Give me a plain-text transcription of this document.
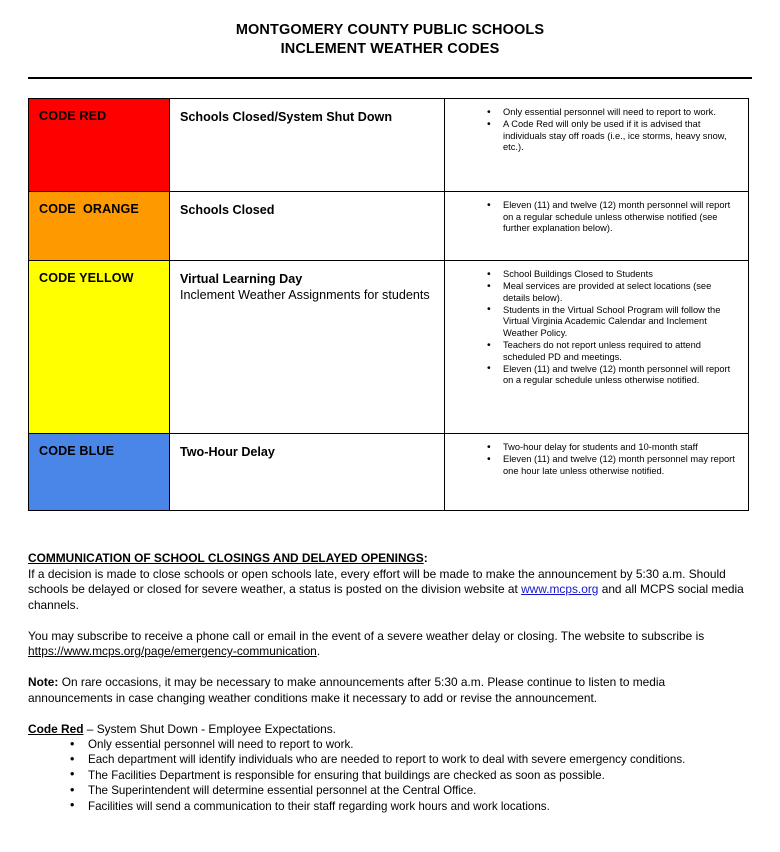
MONTGOMERY COUNTY PUBLIC SCHOOLS
INCLEMENT WEATHER CODES
CODE RED	Schools Closed/System Shut Down

•Only essential personnel will need to report to work.
• A Code Red will only be used if it is advised that individuals stay off roads (i.e., ice storms, heavy snow, etc.).

CODE  ORANGE	Schools Closed

•Eleven (11) and twelve (12) month personnel will report on a regular schedule unless otherwise notified (see further explanation below).

CODE YELLOW	Virtual Learning Day
Inclement Weather Assignments for students

• School Buildings Closed to Students
• Meal services are provided at select locations (see details below).
• Students in the Virtual School Program will follow the Virtual Virginia Academic Calendar and Inclement Weather Policy.
• Teachers do not report unless required to attend scheduled PD and meetings.
• Eleven (11) and twelve (12) month personnel will report on a regular schedule unless otherwise notified.

CODE BLUE	Two-Hour Delay

•Two-hour delay for students and 10-month staff
• Eleven (11) and twelve (12) month personnel may report one hour late unless otherwise notified.

COMMUNICATION OF SCHOOL CLOSINGS AND DELAYED OPENINGS:

If a decision is made to close schools or open schools late, every effort will be made to make the announcement by 5:30 a.m. Should schools be delayed or closed for severe weather, a status is posted on the division website at www.mcps.org and all MCPS social media channels.

You may subscribe to receive a phone call or email in the event of a severe weather delay or closing. The website to subscribe is https://www.mcps.org/page/emergency-communication.

Note: On rare occasions, it may be necessary to make announcements after 5:30 a.m. Please continue to listen to media announcements in case changing weather conditions make it necessary to add or revise the announcement.

Code Red – System Shut Down - Employee Expectations.

• Only essential personnel will need to report to work.
• Each department will identify individuals who are needed to report to work to deal with severe emergency conditions.
• The Facilities Department is responsible for ensuring that buildings are checked as soon as possible.
• The Superintendent will determine essential personnel at the Central Office.
• Facilities will send a communication to their staff regarding work hours and work locations.
